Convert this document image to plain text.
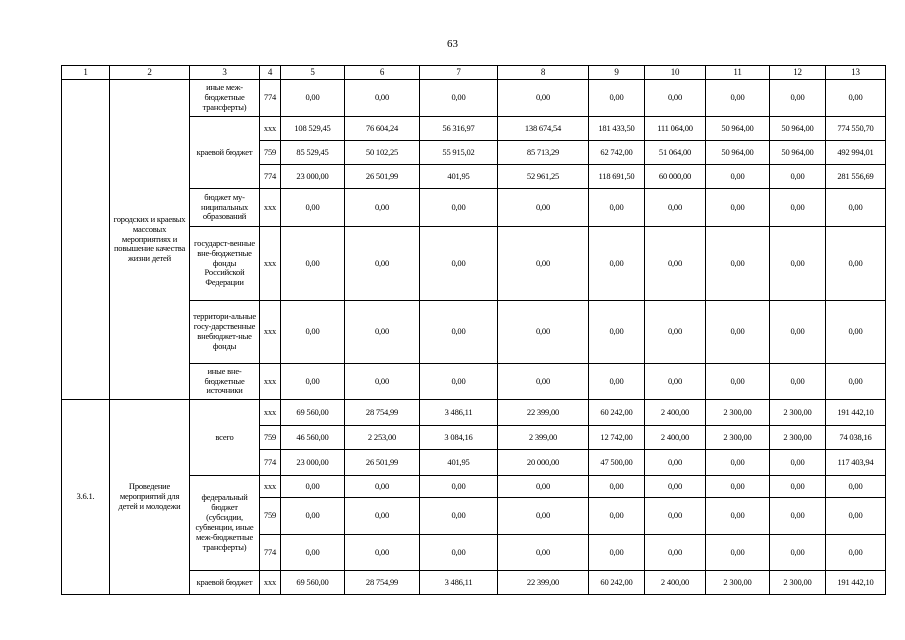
63
1	2	3	4	5	6	7	8	9	10	11	12	13
	городских и краевых массовых мероприятиях и повышение качества жизни детей	иные меж-бюджетные трансферты)	774	0,00	0,00	0,00	0,00	0,00	0,00	0,00	0,00	0,00
		краевой бюджет	ххх	108 529,45	76 604,24	56 316,97	138 674,54	181 433,50	111 064,00	50 964,00	50 964,00	774 550,70
			759	85 529,45	50 102,25	55 915,02	85 713,29	62 742,00	51 064,00	50 964,00	50 964,00	492 994,01
			774	23 000,00	26 501,99	401,95	52 961,25	118 691,50	60 000,00	0,00	0,00	281 556,69
		бюджет му-ниципальных образований	ххх	0,00	0,00	0,00	0,00	0,00	0,00	0,00	0,00	0,00
		государст-венные вне-бюджетные фонды Российской Федерации	ххх	0,00	0,00	0,00	0,00	0,00	0,00	0,00	0,00	0,00
		территори-альные госу-дарственные внебюджет-ные фонды	ххх	0,00	0,00	0,00	0,00	0,00	0,00	0,00	0,00	0,00
		иные вне-бюджетные источники	ххх	0,00	0,00	0,00	0,00	0,00	0,00	0,00	0,00	0,00
3.6.1.	Проведение мероприятий для детей и молодежи	всего	ххх	69 560,00	28 754,99	3 486,11	22 399,00	60 242,00	2 400,00	2 300,00	2 300,00	191 442,10
			759	46 560,00	2 253,00	3 084,16	2 399,00	12 742,00	2 400,00	2 300,00	2 300,00	74 038,16
			774	23 000,00	26 501,99	401,95	20 000,00	47 500,00	0,00	0,00	0,00	117 403,94
		федеральный бюджет (субсидии, субвенции, иные меж-бюджетные трансферты)	ххх	0,00	0,00	0,00	0,00	0,00	0,00	0,00	0,00	0,00
			759	0,00	0,00	0,00	0,00	0,00	0,00	0,00	0,00	0,00
			774	0,00	0,00	0,00	0,00	0,00	0,00	0,00	0,00	0,00
		краевой бюджет	ххх	69 560,00	28 754,99	3 486,11	22 399,00	60 242,00	2 400,00	2 300,00	2 300,00	191 442,10
